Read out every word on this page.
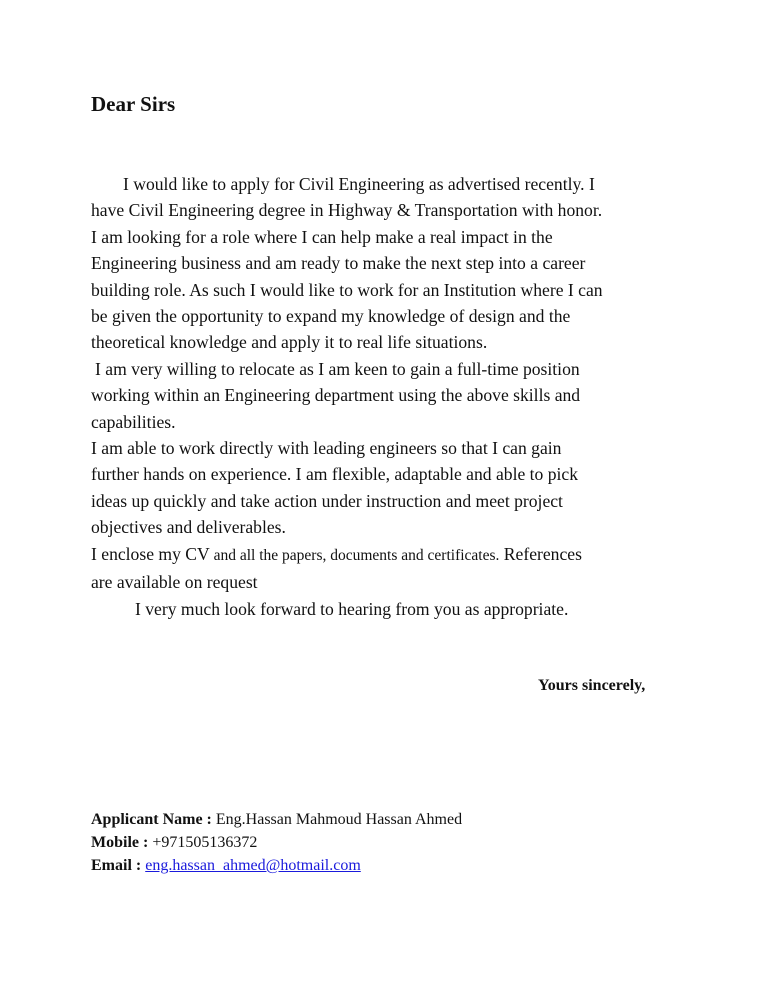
Dear Sirs
I would like to apply for Civil Engineering as advertised recently. I
have Civil Engineering degree in Highway & Transportation with honor.
I am looking for a role where I can help make a real impact in the
Engineering business and am ready to make the next step into a career
building role. As such I would like to work for an Institution where I can
be given the opportunity to expand my knowledge of design and the
theoretical knowledge and apply it to real life situations.
I am very willing to relocate as I am keen to gain a full-time position
working within an Engineering department using the above skills and
capabilities.
I am able to work directly with leading engineers so that I can gain
further hands on experience. I am flexible, adaptable and able to pick
ideas up quickly and take action under instruction and meet project
objectives and deliverables.
I enclose my CV and all the papers, documents and certificates. References
are available on request
I very much look forward to hearing from you as appropriate.
Yours sincerely,
Applicant Name : Eng.Hassan Mahmoud Hassan Ahmed
Mobile : +971505136372
Email : eng.hassan_ahmed@hotmail.com
